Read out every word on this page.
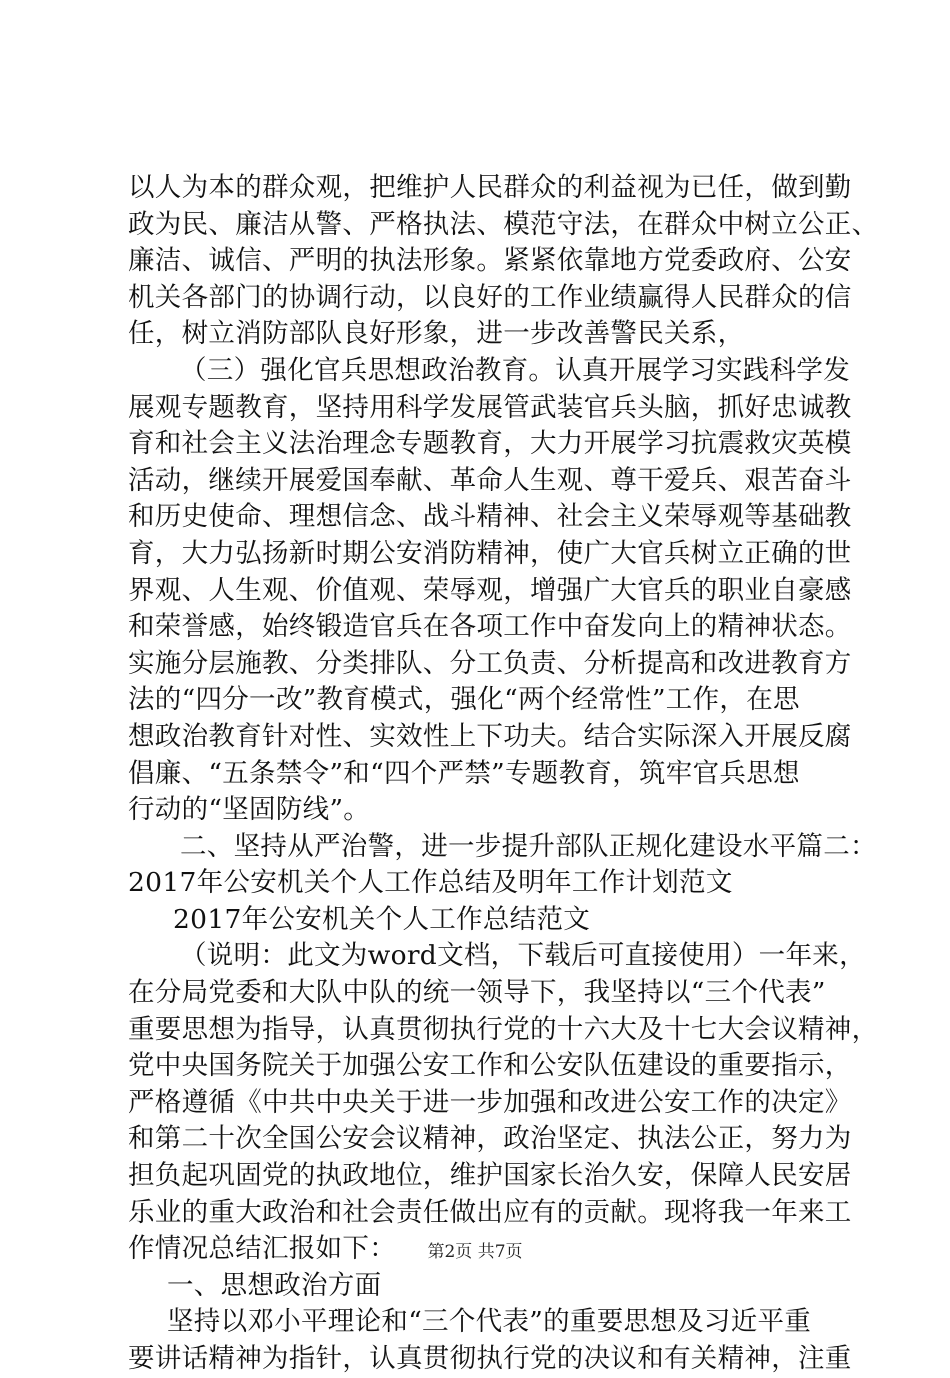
以人为本的群众观，把维护人民群众的利益视为已任，做到勤
政为民、廉洁从警、严格执法、模范守法，在群众中树立公正、
廉洁、诚信、严明的执法形象。紧紧依靠地方党委政府、公安
机关各部门的协调行动，以良好的工作业绩赢得人民群众的信
任，树立消防部队良好形象，进一步改善警民关系，
（三）强化官兵思想政治教育。认真开展学习实践科学发
展观专题教育，坚持用科学发展管武装官兵头脑，抓好忠诚教
育和社会主义法治理念专题教育，大力开展学习抗震救灾英模
活动，继续开展爱国奉献、革命人生观、尊干爱兵、艰苦奋斗
和历史使命、理想信念、战斗精神、社会主义荣辱观等基础教
育，大力弘扬新时期公安消防精神，使广大官兵树立正确的世
界观、人生观、价值观、荣辱观，增强广大官兵的职业自豪感
和荣誉感，始终锻造官兵在各项工作中奋发向上的精神状态。
实施分层施教、分类排队、分工负责、分析提高和改进教育方
法的“四分一改”教育模式，强化“两个经常性”工作，在思
想政治教育针对性、实效性上下功夫。结合实际深入开展反腐
倡廉、“五条禁令”和“四个严禁”专题教育，筑牢官兵思想
行动的“坚固防线”。
二、坚持从严治警，进一步提升部队正规化建设水平篇二：
2017年公安机关个人工作总结及明年工作计划范文
2017年公安机关个人工作总结范文
（说明：此文为word文档，下载后可直接使用）一年来，
在分局党委和大队中队的统一领导下，我坚持以“三个代表”
重要思想为指导，认真贯彻执行党的十六大及十七大会议精神，
党中央国务院关于加强公安工作和公安队伍建设的重要指示，
严格遵循《中共中央关于进一步加强和改进公安工作的决定》
和第二十次全国公安会议精神，政治坚定、执法公正，努力为
担负起巩固党的执政地位，维护国家长治久安，保障人民安居
乐业的重大政治和社会责任做出应有的贡献。现将我一年来工
作情况总结汇报如下：
一、思想政治方面
坚持以邓小平理论和“三个代表”的重要思想及习近平重
要讲话精神为指针，认真贯彻执行党的决议和有关精神，注重
第2页 共7页
